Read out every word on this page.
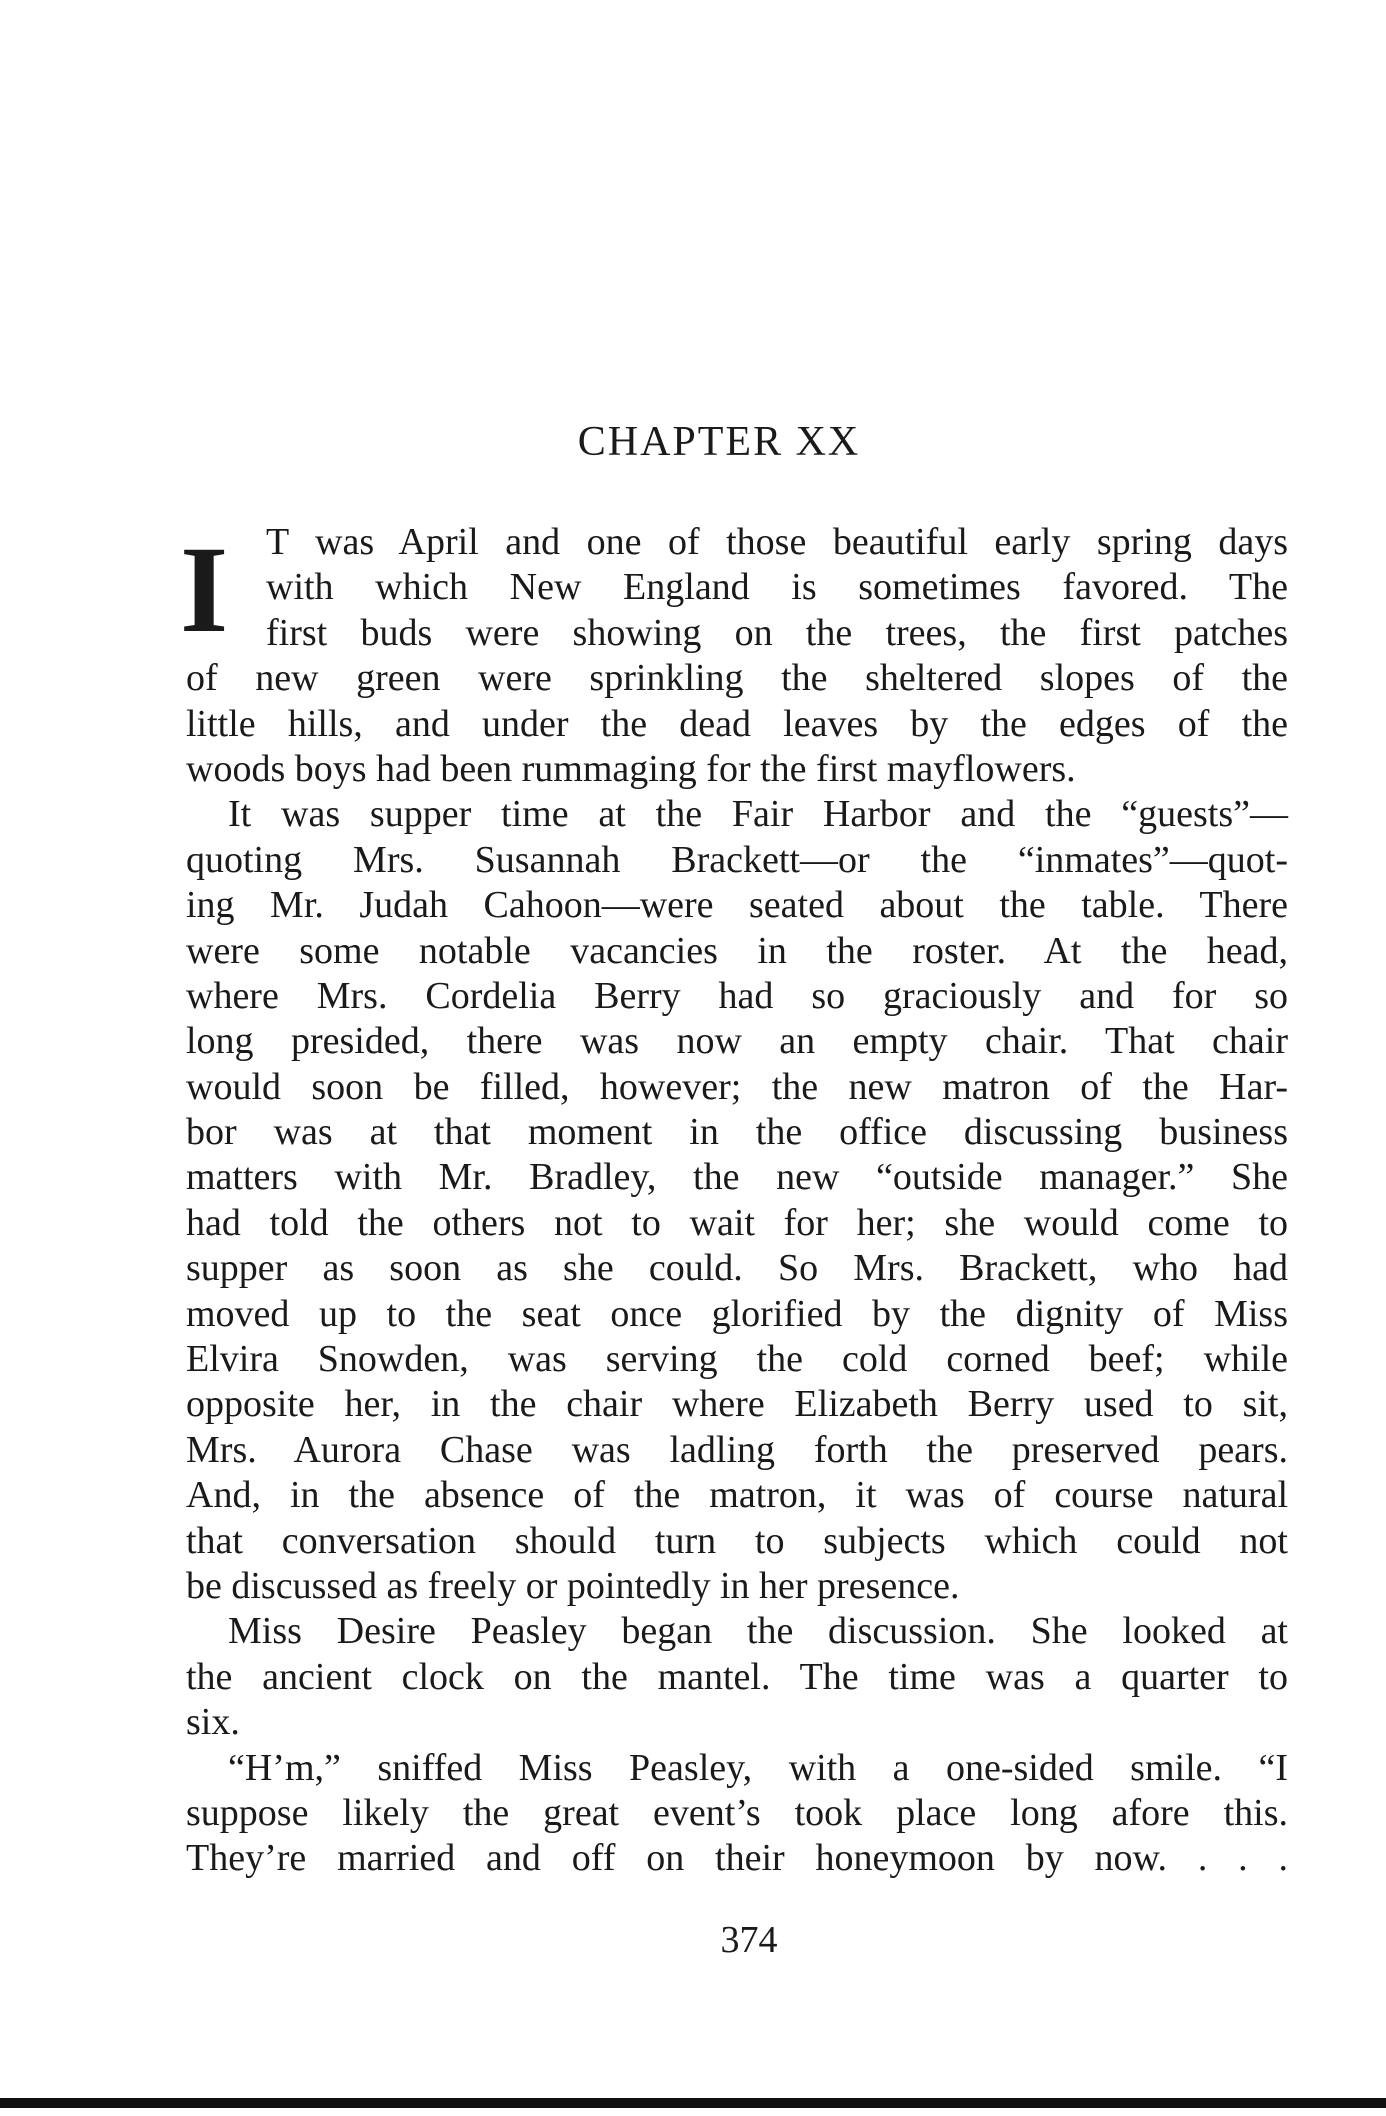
CHAPTER XX
I T was April and one of those beautiful early spring days
with which New England is sometimes favored. The
first buds were showing on the trees, the first patches
of new green were sprinkling the sheltered slopes of the
little hills, and under the dead leaves by the edges of the
woods boys had been rummaging for the first mayflowers.
It was supper time at the Fair Harbor and the “guests”—
quoting Mrs. Susannah Brackett—or the “inmates”—quot-
ing Mr. Judah Cahoon—were seated about the table. There
were some notable vacancies in the roster. At the head,
where Mrs. Cordelia Berry had so graciously and for so
long presided, there was now an empty chair. That chair
would soon be filled, however; the new matron of the Har-
bor was at that moment in the office discussing business
matters with Mr. Bradley, the new “outside manager.” She
had told the others not to wait for her; she would come to
supper as soon as she could. So Mrs. Brackett, who had
moved up to the seat once glorified by the dignity of Miss
Elvira Snowden, was serving the cold corned beef; while
opposite her, in the chair where Elizabeth Berry used to sit,
Mrs. Aurora Chase was ladling forth the preserved pears.
And, in the absence of the matron, it was of course natural
that conversation should turn to subjects which could not
be discussed as freely or pointedly in her presence.
Miss Desire Peasley began the discussion. She looked at
the ancient clock on the mantel. The time was a quarter to
six.
“H’m,” sniffed Miss Peasley, with a one-sided smile. “I
suppose likely the great event’s took place long afore this.
They’re married and off on their honeymoon by now. . . .
374
